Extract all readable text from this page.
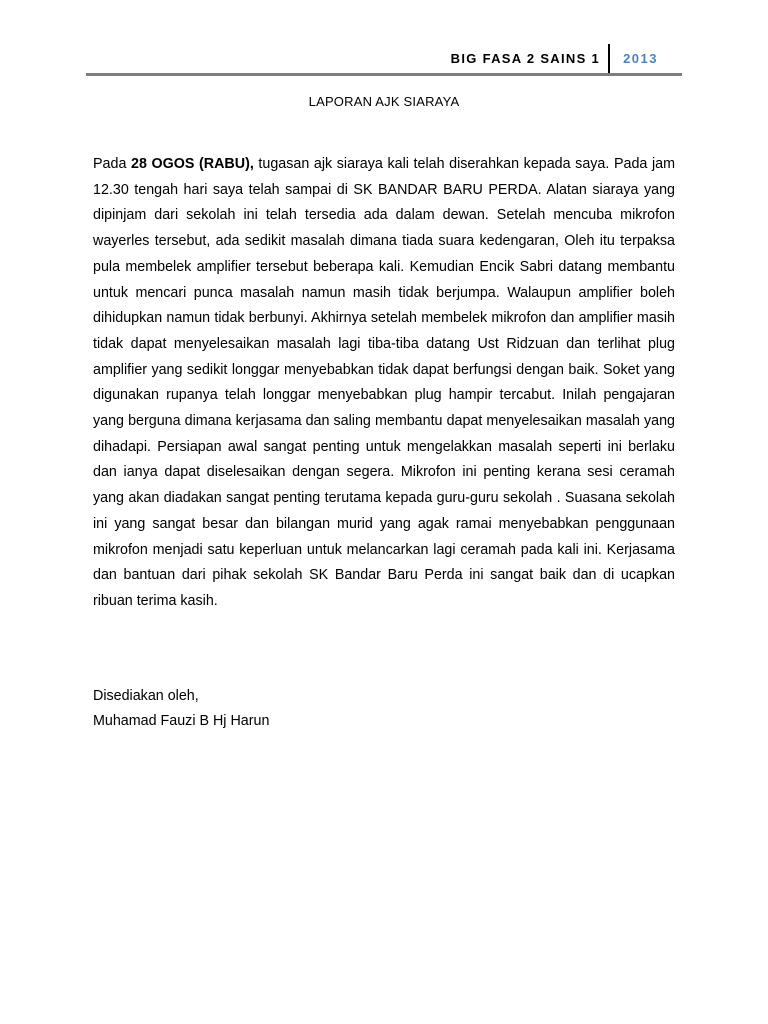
BIG FASA 2 SAINS 1 2013
LAPORAN AJK SIARAYA

Pada 28 OGOS (RABU), tugasan ajk siaraya kali telah diserahkan kepada saya. Pada jam 12.30 tengah hari saya telah sampai di SK BANDAR BARU PERDA. Alatan siaraya yang dipinjam dari sekolah ini telah tersedia ada dalam dewan. Setelah mencuba mikrofon wayerles tersebut, ada sedikit masalah dimana tiada suara kedengaran, Oleh itu terpaksa pula membelek amplifier tersebut beberapa kali. Kemudian Encik Sabri datang membantu untuk mencari punca masalah namun masih tidak berjumpa. Walaupun amplifier boleh dihidupkan namun tidak berbunyi. Akhirnya setelah membelek mikrofon dan amplifier masih tidak dapat menyelesaikan masalah lagi tiba-tiba datang Ust Ridzuan dan terlihat plug amplifier yang sedikit longgar menyebabkan tidak dapat berfungsi dengan baik. Soket yang digunakan rupanya telah longgar menyebabkan plug hampir tercabut. Inilah pengajaran yang berguna dimana kerjasama dan saling membantu dapat menyelesaikan masalah yang dihadapi. Persiapan awal sangat penting untuk mengelakkan masalah seperti ini berlaku dan ianya dapat diselesaikan dengan segera. Mikrofon ini penting kerana sesi ceramah yang akan diadakan sangat penting terutama kepada guru-guru sekolah . Suasana sekolah ini yang sangat besar dan bilangan murid yang agak ramai menyebabkan penggunaan mikrofon menjadi satu keperluan untuk melancarkan lagi ceramah pada kali ini. Kerjasama dan bantuan dari pihak sekolah SK Bandar Baru Perda ini sangat baik dan di ucapkan ribuan terima kasih.

Disediakan oleh,
Muhamad Fauzi B Hj Harun
